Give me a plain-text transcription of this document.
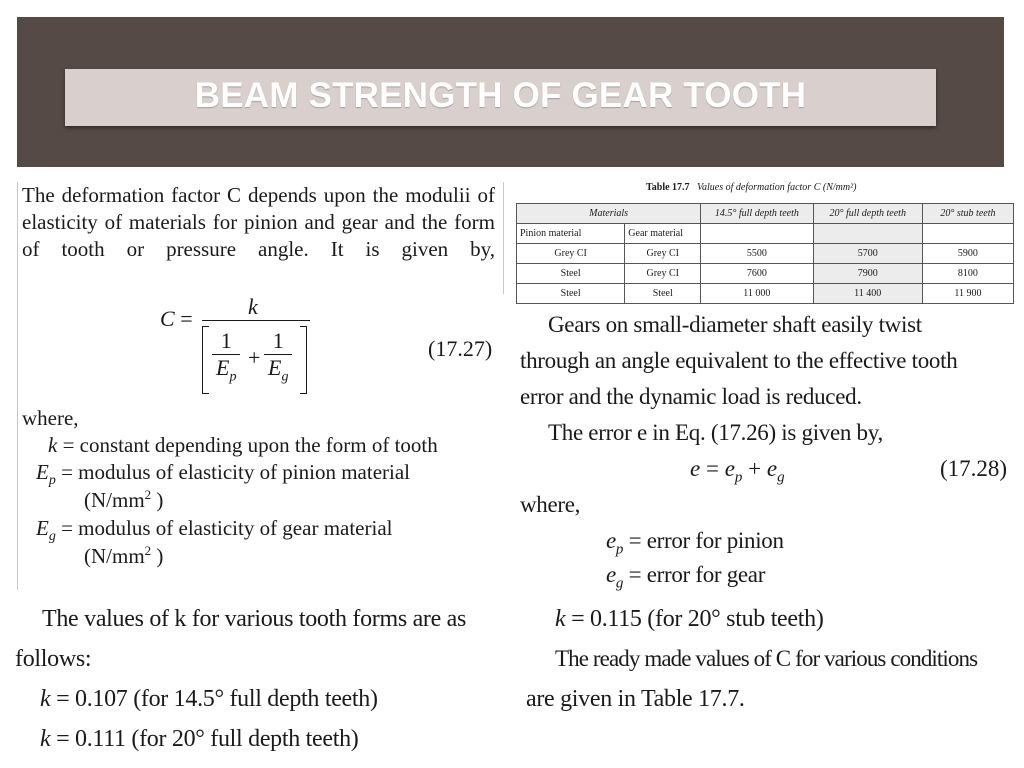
BEAM STRENGTH OF GEAR TOOTH
The deformation factor C depends upon the modulii of elasticity of materials for pinion and gear and the form of tooth or pressure angle. It is given by,
C =	k
$\frac{1}{E_p} + \frac{1}{E_g}$	(17.27)
where,
k = constant depending upon the form of tooth
$E_p$ = modulus of elasticity of pinion material
($N/mm^2$ )
$E_g$ = modulus of elasticity of gear material
($N/mm^2$ )
The values of k for various tooth forms are as
follows:
k = 0.107 (for 14.5° full depth teeth)
k = 0.111 (for 20° full depth teeth)
Table 17.7 Values of deformation factor C (N/mm²)
Materials		14.5° full depth teeth	20° full depth teeth	20° stub teeth
Pinion material	Gear material			
Grey CI	Grey CI	5500	5700	5900
Steel	Grey CI	7600	7900	8100
Steel	Steel	11 000	11 400	11 900
Gears on small-diameter shaft easily twist
through an angle equivalent to the effective tooth
error and the dynamic load is reduced.
The error e in Eq. (17.26) is given by,
$e = e_p + e_g$	(17.28)
where,
$e_p$ = error for pinion
$e_g$ = error for gear
k = 0.115 (for 20° stub teeth)
The ready made values of C for various conditions
are given in Table 17.7.
